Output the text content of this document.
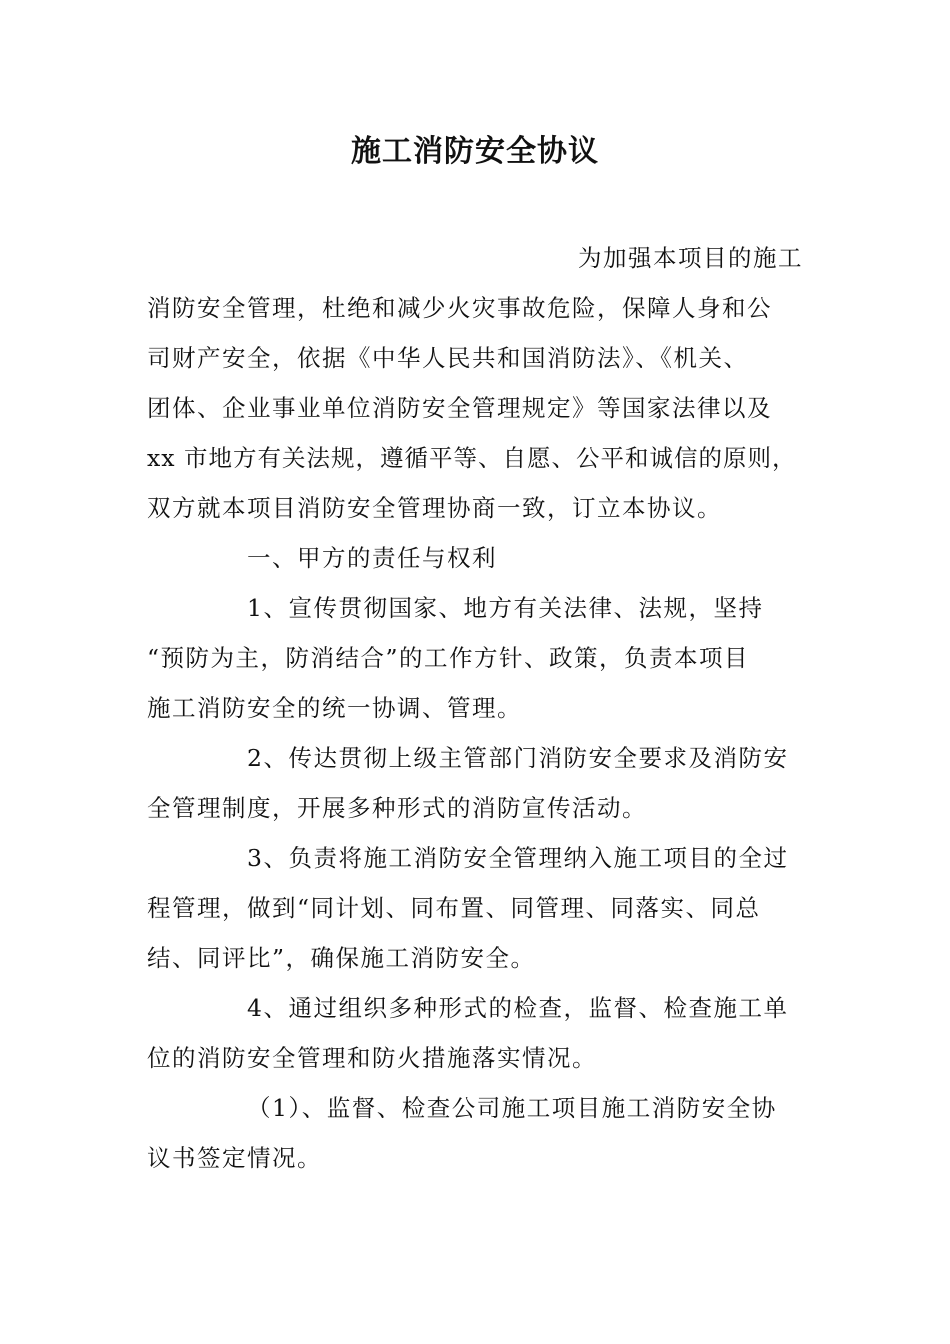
施工消防安全协议

为加强本项目的施工

消防安全管理，杜绝和减少火灾事故危险，保障人身和公

司财产安全，依据《中华人民共和国消防法》、《机关、

团体、企业事业单位消防安全管理规定》等国家法律以及

xx 市地方有关法规，遵循平等、自愿、公平和诚信的原则，

双方就本项目消防安全管理协商一致，订立本协议。

一、甲方的责任与权利

1、宣传贯彻国家、地方有关法律、法规，坚持

“预防为主，防消结合”的工作方针、政策，负责本项目

施工消防安全的统一协调、管理。

2、传达贯彻上级主管部门消防安全要求及消防安

全管理制度，开展多种形式的消防宣传活动。

3、负责将施工消防安全管理纳入施工项目的全过

程管理，做到“同计划、同布置、同管理、同落实、同总

结、同评比”，确保施工消防安全。

4、通过组织多种形式的检查，监督、检查施工单

位的消防安全管理和防火措施落实情况。

（1）、监督、检查公司施工项目施工消防安全协

议书签定情况。
